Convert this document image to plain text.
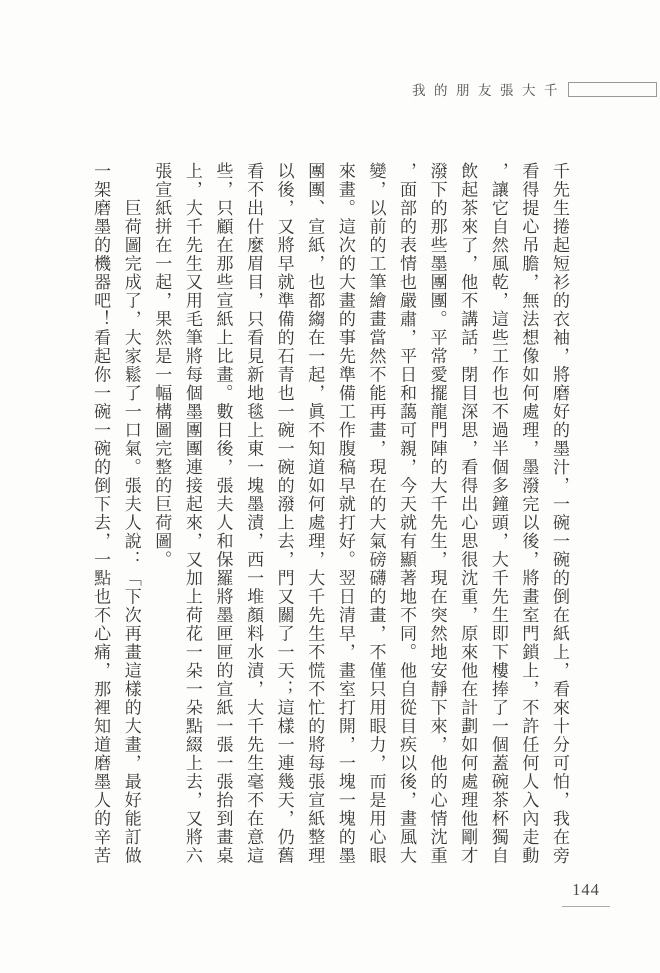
我的朋友張大千

千先生捲起短衫的衣袖，將磨好的墨汁，一碗一碗的倒在紙上，看來十分可怕，我在旁看得提心吊膽，無法想像如何處理，墨潑完以後，將畫室門鎖上，不許任何人入內走動，讓它自然風乾，這些工作也不過半個多鐘頭，大千先生即下樓捧了一個蓋碗茶杯獨自飲起茶來了，他不講話，閉目深思，看得出心思很沈重，原來他在計劃如何處理他剛才潑下的那些墨團團。平常愛擺龍門陣的大千先生，現在突然地安靜下來，他的心情沈重，面部的表情也嚴肅，平日和藹可親，今天就有顯著地不同。他自從目疾以後，畫風大變，以前的工筆繪畫當然不能再畫，現在的大氣磅礴的畫，不僅只用眼力，而是用心眼來畫。這次的大畫的事先準備工作腹稿早就打好。翌日清早，畫室打開，一塊一塊的墨團團、宣紙，也都縐在一起，眞不知道如何處理，大千先生不慌不忙的將每張宣紙整理以後，又將早就準備的石青也一碗一碗的潑上去，門又關了一天；這樣一連幾天，仍舊看不出什麼眉目，只看見新地毯上東一塊墨漬，西一堆顏料水漬，大千先生毫不在意這些，只顧在那些宣紙上比畫。數日後，張夫人和保羅將墨匣匣的宣紙一張一張抬到畫桌上，大千先生又用毛筆將每個墨團團連接起來，又加上荷花一朵一朵點綴上去，又將六張宣紙拼在一起，果然是一幅構圖完整的巨荷圖。

巨荷圖完成了，大家鬆了一口氣。張夫人說：「下次再畫這樣的大畫，最好能訂做一架磨墨的機器吧！看起你一碗一碗的倒下去，一點也不心痛，那裡知道磨墨人的辛苦

144
